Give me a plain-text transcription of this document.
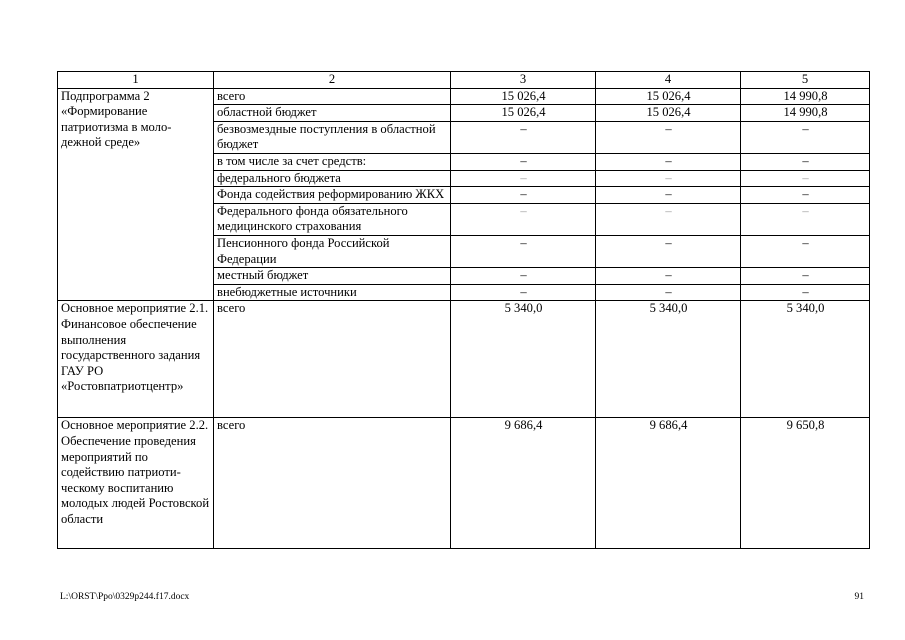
1	2	3	4	5
Подпрограмма 2 «Формирование патриотизма в моло-дежной среде»	всего	15 026,4	15 026,4	14 990,8
	областной бюджет	15 026,4	15 026,4	14 990,8
	безвозмездные поступления в областной бюджет	–	–	–
	в том числе за счет средств:	–	–	–
	федерального бюджета	–	–	–
	Фонда содействия реформированию ЖКХ	–	–	–
	Федерального фонда обязательного медицинского страхования	–	–	–
	Пенсионного фонда Российской Федерации	–	–	–
	местный бюджет	–	–	–
	внебюджетные источники	–	–	–
Основное мероприятие 2.1. Финансовое обеспечение выполнения государственного задания ГАУ РО «Ростовпатриотцентр»	всего	5 340,0	5 340,0	5 340,0
Основное мероприятие 2.2. Обеспечение проведения мероприятий по содействию патриоти-ческому воспитанию молодых людей Ростовской области	всего	9 686,4	9 686,4	9 650,8
L:\ORST\Ppo\0329p244.f17.docx	91
